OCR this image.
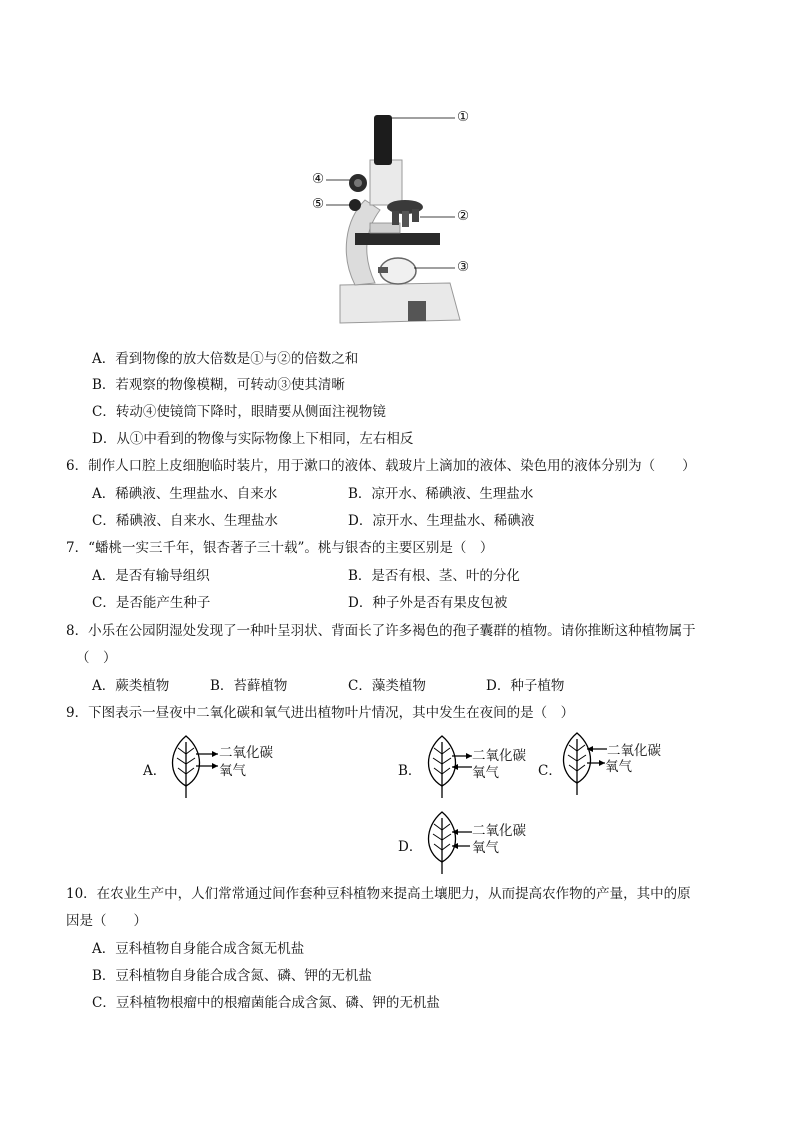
①
②
③
④
⑤
A．看到物像的放大倍数是①与②的倍数之和
B．若观察的物像模糊，可转动③使其清晰
C．转动④使镜筒下降时，眼睛要从侧面注视物镜
D．从①中看到的物像与实际物像上下相同，左右相反
6．制作人口腔上皮细胞临时装片，用于漱口的液体、载玻片上滴加的液体、染色用的液体分别为（　　）
A．稀碘液、生理盐水、自来水	B．凉开水、稀碘液、生理盐水
C．稀碘液、自来水、生理盐水	D．凉开水、生理盐水、稀碘液
7．“蟠桃一实三千年，银杏著子三十载”。桃与银杏的主要区别是（　）
A．是否有输导组织	B．是否有根、茎、叶的分化
C．是否能产生种子	D．种子外是否有果皮包被
8．小乐在公园阴湿处发现了一种叶呈羽状、背面长了许多褐色的孢子囊群的植物。请你推断这种植物属于
（　）
A．蕨类植物	B．苔藓植物	C．藻类植物	D．种子植物
9．下图表示一昼夜中二氧化碳和氧气进出植物叶片情况，其中发生在夜间的是（　）
A．
二氧化碳
氧气	B．
二氧化碳
氧气	C．
二氧化碳
氧气
D．
二氧化碳
氧气
10．在农业生产中，人们常常通过间作套种豆科植物来提高土壤肥力，从而提高农作物的产量，其中的原
因是（　　）
A．豆科植物自身能合成含氮无机盐
B．豆科植物自身能合成含氮、磷、钾的无机盐
C．豆科植物根瘤中的根瘤菌能合成含氮、磷、钾的无机盐
